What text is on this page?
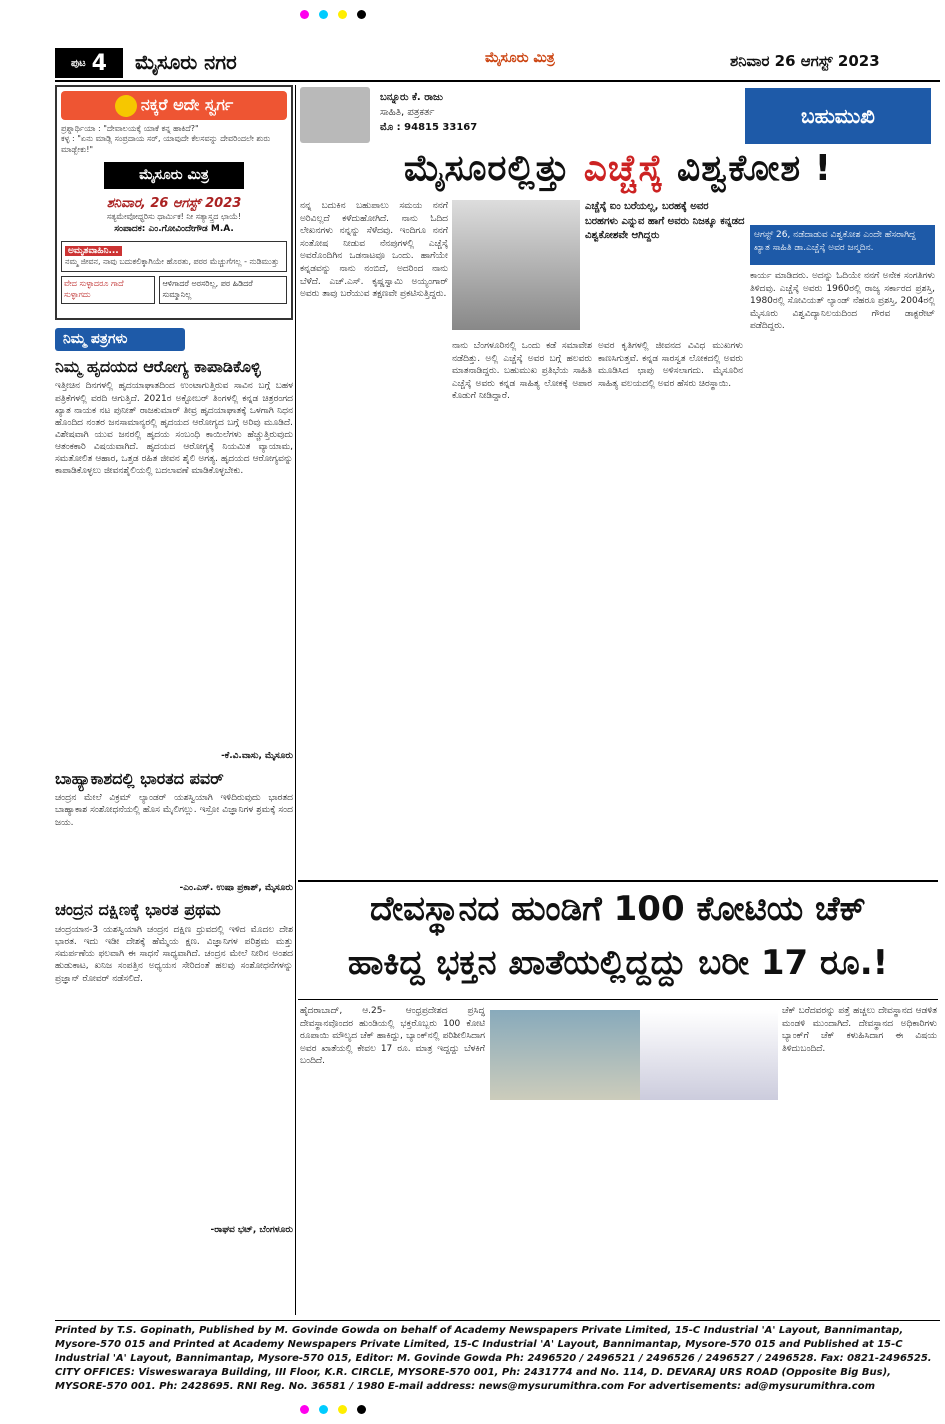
ಪುಟ 4 ಮೈಸೂರು ನಗರ	ಮೈಸೂರು ಮಿತ್ರ	ಶನಿವಾರ 26 ಆಗಸ್ಟ್ 2023
ನಕ್ಕರೆ ಅದೇ ಸ್ವರ್ಗ
ಪ್ರಶ್ನಾರ್ಥಿಯಾ : "ದೇವಾಲಯಕ್ಕೆ ಯಾಕೆ ಕನ್ನ ಹಾಕಿದೆ?"
ಕಳ್ಳ : "ಏನು ಮಾಡ್ಲಿ ಸಂಪ್ರದಾಯ ಸರ್, ಯಾವುದೇ ಕೆಲಸವನ್ನು ದೇವರಿಂದಲೇ ಶುರು ಮಾಡ್ಬೇಕು!"
ಮೈಸೂರು ಮಿತ್ರ
ಶನಿವಾರ, 26 ಆಗಸ್ಟ್ 2023
ಸತ್ಯಮೇವೋಧ್ಧರಿಸು ಧಾರ್ಮಿಕ! ನೀ ಸತ್ಯಾಸ್ತ್ರದ ಛಾಯೆ!
ಸಂಪಾದಕ: ಎಂ.ಗೋವಿಂದೇಗೌಡ M.A.
ಅಮೃತವಾಹಿನಿ...
ನಮ್ಮ ಜೀವನ, ನಾವು ಬದುಕಲಿಕ್ಕಾಗಿಯೇ ಹೊರತು, ಪರರ ಮೆಚ್ಚುಗೆಗಲ್ಲ - ನುಡಿಮುತ್ತು
ವೇದ ಸುಳ್ಳಾದರೂ ಗಾದೆ ಸುಳ್ಳಾಗದು
ಆಳಿಗಾದರೆ ಅರಸರಿಲ್ಲ, ಪರ ಹಿಡಿದರೆ ಸುಮ್ಮಾನಿಲ್ಲ
ನಿಮ್ಮ ಪತ್ರಗಳು
ನಿಮ್ಮ ಹೃದಯದ ಆರೋಗ್ಯ ಕಾಪಾಡಿಕೊಳ್ಳಿ
ಇತ್ತೀಚಿನ ದಿನಗಳಲ್ಲಿ ಹೃದಯಾಘಾತದಿಂದ ಉಂಟಾಗುತ್ತಿರುವ ಸಾವಿನ ಬಗ್ಗೆ ಬಹಳ ಪತ್ರಿಕೆಗಳಲ್ಲಿ ವರದಿ ಆಗುತ್ತಿದೆ. 2021ರ ಅಕ್ಟೋಬರ್ ತಿಂಗಳಲ್ಲಿ ಕನ್ನಡ ಚಿತ್ರರಂಗದ ಖ್ಯಾತ ನಾಯಕ ನಟ ಪುನೀತ್ ರಾಜಕುಮಾರ್ ತೀವ್ರ ಹೃದಯಾಘಾತಕ್ಕೆ ಒಳಗಾಗಿ ನಿಧನ ಹೊಂದಿದ ನಂತರ ಜನಸಾಮಾನ್ಯರಲ್ಲಿ ಹೃದಯದ ಆರೋಗ್ಯದ ಬಗ್ಗೆ ಅರಿವು ಮೂಡಿದೆ. ವಿಶೇಷವಾಗಿ ಯುವ ಜನರಲ್ಲಿ ಹೃದಯ ಸಂಬಂಧಿ ಕಾಯಿಲೆಗಳು ಹೆಚ್ಚುತ್ತಿರುವುದು ಆತಂಕಕಾರಿ ವಿಷಯವಾಗಿದೆ. ಹೃದಯದ ಆರೋಗ್ಯಕ್ಕೆ ನಿಯಮಿತ ವ್ಯಾಯಾಮ, ಸಮತೋಲಿತ ಆಹಾರ, ಒತ್ತಡ ರಹಿತ ಜೀವನ ಶೈಲಿ ಅಗತ್ಯ. ಹೃದಯದ ಆರೋಗ್ಯವನ್ನು ಕಾಪಾಡಿಕೊಳ್ಳಲು ಜೀವನಶೈಲಿಯಲ್ಲಿ ಬದಲಾವಣೆ ಮಾಡಿಕೊಳ್ಳಬೇಕು.
-ಕೆ.ವಿ.ವಾಸು, ಮೈಸೂರು
ಬಾಹ್ಯಾಕಾಶದಲ್ಲಿ ಭಾರತದ ಪವರ್
ಚಂದ್ರನ ಮೇಲೆ ವಿಕ್ರಮ್ ಲ್ಯಾಂಡರ್ ಯಶಸ್ವಿಯಾಗಿ ಇಳಿದಿರುವುದು ಭಾರತದ ಬಾಹ್ಯಾಕಾಶ ಸಂಶೋಧನೆಯಲ್ಲಿ ಹೊಸ ಮೈಲಿಗಲ್ಲು. ಇಸ್ರೋ ವಿಜ್ಞಾನಿಗಳ ಶ್ರಮಕ್ಕೆ ಸಂದ ಜಯ.
-ಎಂ.ಎಸ್. ಉಷಾ ಪ್ರಕಾಶ್, ಮೈಸೂರು
ಚಂದ್ರನ ದಕ್ಷಿಣಕ್ಕೆ ಭಾರತ ಪ್ರಥಮ
ಚಂದ್ರಯಾನ-3 ಯಶಸ್ವಿಯಾಗಿ ಚಂದ್ರನ ದಕ್ಷಿಣ ಧ್ರುವದಲ್ಲಿ ಇಳಿದ ಮೊದಲ ದೇಶ ಭಾರತ. ಇದು ಇಡೀ ದೇಶಕ್ಕೆ ಹೆಮ್ಮೆಯ ಕ್ಷಣ. ವಿಜ್ಞಾನಿಗಳ ಪರಿಶ್ರಮ ಮತ್ತು ಸಮರ್ಪಣೆಯ ಫಲವಾಗಿ ಈ ಸಾಧನೆ ಸಾಧ್ಯವಾಗಿದೆ. ಚಂದ್ರನ ಮೇಲೆ ನೀರಿನ ಅಂಶದ ಹುಡುಕಾಟ, ಖನಿಜ ಸಂಪತ್ತಿನ ಅಧ್ಯಯನ ಸೇರಿದಂತೆ ಹಲವು ಸಂಶೋಧನೆಗಳನ್ನು ಪ್ರಜ್ಞಾನ್ ರೋವರ್ ನಡೆಸಲಿದೆ.
-ರಾಘವ ಭಟ್, ಬೆಂಗಳೂರು
ಬನ್ನೂರು ಕೆ. ರಾಜು
ಸಾಹಿತಿ, ಪತ್ರಕರ್ತ
ಮೊ : 94815 33167	ಬಹುಮುಖಿ
ಮೈಸೂರಲ್ಲಿತ್ತು ಎಚ್ಚೆಸ್ಕೆ ವಿಶ್ವಕೋಶ !
ನನ್ನ ಬದುಕಿನ ಬಹುಪಾಲು ಸಮಯ ನನಗೆ ಅರಿವಿಲ್ಲದೆ ಕಳೆದುಹೋಗಿದೆ. ನಾನು ಓದಿದ ಲೇಖನಗಳು ನನ್ನನ್ನು ಸೆಳೆದವು. ಇಂದಿಗೂ ನನಗೆ ಸಂತೋಷ ನೀಡುವ ನೆನಪುಗಳಲ್ಲಿ ಎಚ್ಚೆಸ್ಕೆ ಅವರೊಂದಿಗಿನ ಒಡನಾಟವೂ ಒಂದು. ಹಾಗೆಯೇ ಕನ್ನಡವನ್ನು ನಾನು ನಂಬಿದೆ, ಅದರಿಂದ ನಾನು ಬೆಳೆದೆ. ಎಚ್.ಎಸ್. ಕೃಷ್ಣಸ್ವಾಮಿ ಅಯ್ಯಂಗಾರ್ ಅವರು ತಾವು ಬರೆಯುವ ತಕ್ಷಣವೇ ಪ್ರಕಟಿಸುತ್ತಿದ್ದರು.
ಎಚ್ಚೆಸ್ಕೆ ಐಂ ಬರೆಯಲ್ಲ, ಬರಹಕ್ಕೆ ಅವರ ಬರಹಗಳು ಎನ್ನುವ ಹಾಗೆ ಅವರು ನಿಜಕ್ಕೂ ಕನ್ನಡದ ವಿಶ್ವಕೋಶವೇ ಆಗಿದ್ದರು	ಆಗಸ್ಟ್ 26, ನಡೆದಾಡುವ ವಿಶ್ವಕೋಶ ಎಂದೇ ಹೆಸರಾಗಿದ್ದ ಖ್ಯಾತ ಸಾಹಿತಿ ಡಾ.ಎಚ್ಚೆಸ್ಕೆ ಅವರ ಜನ್ಮದಿನ.
ನಾನು ಬೆಂಗಳೂರಿನಲ್ಲಿ ಒಂದು ಕಡೆ ಸಮಾವೇಶ ನಡೆದಿತ್ತು. ಅಲ್ಲಿ ಎಚ್ಚೆಸ್ಕೆ ಅವರ ಬಗ್ಗೆ ಹಲವರು ಮಾತನಾಡಿದ್ದರು. ಬಹುಮುಖ ಪ್ರತಿಭೆಯ ಸಾಹಿತಿ ಎಚ್ಚೆಸ್ಕೆ ಅವರು ಕನ್ನಡ ಸಾಹಿತ್ಯ ಲೋಕಕ್ಕೆ ಅಪಾರ ಕೊಡುಗೆ ನೀಡಿದ್ದಾರೆ.
ಅವರ ಕೃತಿಗಳಲ್ಲಿ ಜೀವನದ ವಿವಿಧ ಮುಖಗಳು ಕಾಣಸಿಗುತ್ತವೆ. ಕನ್ನಡ ಸಾರಸ್ವತ ಲೋಕದಲ್ಲಿ ಅವರು ಮೂಡಿಸಿದ ಛಾಪು ಅಳಿಸಲಾಗದು. ಮೈಸೂರಿನ ಸಾಹಿತ್ಯ ವಲಯದಲ್ಲಿ ಅವರ ಹೆಸರು ಚಿರಸ್ಥಾಯಿ.
ಕಾರ್ಯ ಮಾಡಿದರು. ಅದನ್ನು ಓದಿಯೇ ನನಗೆ ಅನೇಕ ಸಂಗತಿಗಳು ತಿಳಿದವು. ಎಚ್ಚೆಸ್ಕೆ ಅವರು 1960ರಲ್ಲಿ ರಾಜ್ಯ ಸರ್ಕಾರದ ಪ್ರಶಸ್ತಿ, 1980ರಲ್ಲಿ ಸೋವಿಯತ್ ಲ್ಯಾಂಡ್ ನೆಹರೂ ಪ್ರಶಸ್ತಿ, 2004ರಲ್ಲಿ ಮೈಸೂರು ವಿಶ್ವವಿದ್ಯಾನಿಲಯದಿಂದ ಗೌರವ ಡಾಕ್ಟರೇಟ್ ಪಡೆದಿದ್ದರು.
ದೇವಸ್ಥಾನದ ಹುಂಡಿಗೆ 100 ಕೋಟಿಯ ಚೆಕ್
ಹಾಕಿದ್ದ ಭಕ್ತನ ಖಾತೆಯಲ್ಲಿದ್ದದ್ದು ಬರೀ 17 ರೂ.!
ಹೈದರಾಬಾದ್, ಆ.25- ಆಂಧ್ರಪ್ರದೇಶದ ಪ್ರಸಿದ್ಧ ದೇವಸ್ಥಾನವೊಂದರ ಹುಂಡಿಯಲ್ಲಿ ಭಕ್ತರೊಬ್ಬರು 100 ಕೋಟಿ ರೂಪಾಯಿ ಮೌಲ್ಯದ ಚೆಕ್ ಹಾಕಿದ್ದು, ಬ್ಯಾಂಕ್‌ನಲ್ಲಿ ಪರಿಶೀಲಿಸಿದಾಗ ಅವರ ಖಾತೆಯಲ್ಲಿ ಕೇವಲ 17 ರೂ. ಮಾತ್ರ ಇದ್ದದ್ದು ಬೆಳಕಿಗೆ ಬಂದಿದೆ.
ಚೆಕ್ ಬರೆದವರನ್ನು ಪತ್ತೆ ಹಚ್ಚಲು ದೇವಸ್ಥಾನದ ಆಡಳಿತ ಮಂಡಳಿ ಮುಂದಾಗಿದೆ. ದೇವಸ್ಥಾನದ ಅಧಿಕಾರಿಗಳು ಬ್ಯಾಂಕ್‌ಗೆ ಚೆಕ್ ಕಳುಹಿಸಿದಾಗ ಈ ವಿಷಯ ತಿಳಿದುಬಂದಿದೆ.
Printed by T.S. Gopinath, Published by M. Govinde Gowda on behalf of Academy Newspapers Private Limited, 15-C Industrial 'A' Layout, Bannimantap, Mysore-570 015 and Printed at Academy Newspapers Private Limited, 15-C Industrial 'A' Layout, Bannimantap, Mysore-570 015 and Published at 15-C Industrial 'A' Layout, Bannimantap, Mysore-570 015, Editor: M. Govinde Gowda Ph: 2496520 / 2496521 / 2496526 / 2496527 / 2496528. Fax: 0821-2496525. CITY OFFICES: Visweswaraya Building, III Floor, K.R. CIRCLE, MYSORE-570 001, Ph: 2431774 and No. 114, D. DEVARAJ URS ROAD (Opposite Big Bus), MYSORE-570 001. Ph: 2428695. RNI Reg. No. 36581 / 1980 E-mail address: news@mysurumithra.com For advertisements: ad@mysurumithra.com
